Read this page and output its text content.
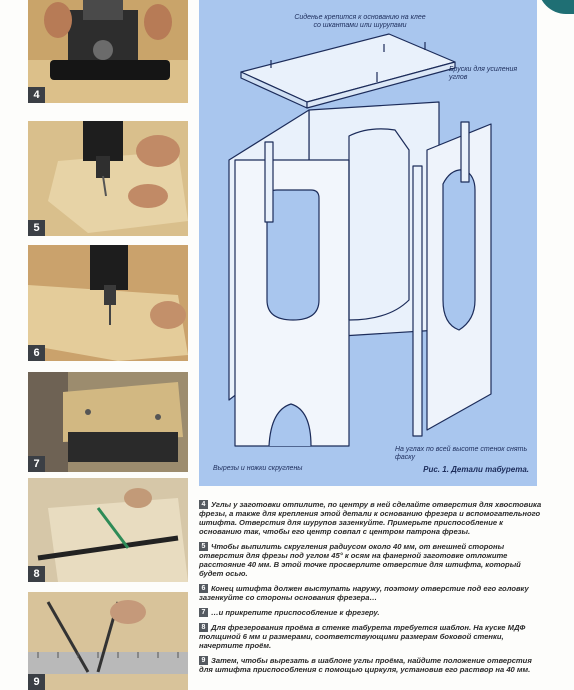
4
5
6
7
8
9
Сиденье крепится к основанию на клее
со шкантами или шурупами
Бруски для усиления
углов
На углах по всей высоте стенок снять фаску
Вырезы и ножки скруглены	Рис. 1. Детали табурета.
4 Углы у заготовки отпилите, по центру в ней сделайте отверстия для хвостовика фрезы, а также для крепления этой детали к основанию фрезера и вспомогательного штифта. Отверстия для шурупов зазенкуйте. Примерьте приспособление к основанию так, чтобы его центр совпал с центром патрона фрезы.
5 Чтобы выпилить скругления радиусом около 40 мм, от внешней стороны отверстия для фрезы под углом 45° к осям на фанерной заготовке отложите расстояние 40 мм. В этой точке просверлите отверстие для штифта, который будет осью.
6 Конец штифта должен выступать наружу, поэтому отверстие под его головку зазенкуйте со стороны основания фрезера…
7 …и прикрепите приспособление к фрезеру.
8 Для фрезерования проёма в стенке табурета требуется шаблон. На куске МДФ толщиной 6 мм и размерами, соответствующими размерам боковой стенки, начертите проём.
9 Затем, чтобы вырезать в шаблоне углы проёма, найдите положение отверстия для штифта приспособления с помощью циркуля, установив его раствор на 40 мм.
